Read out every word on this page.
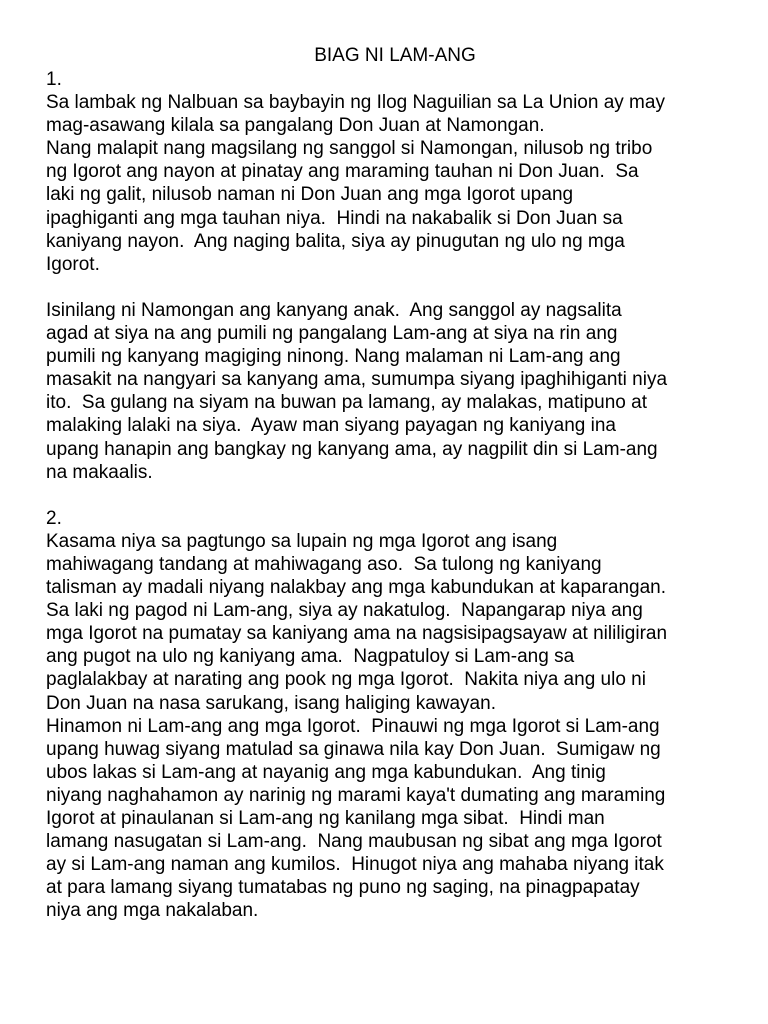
BIAG NI LAM-ANG

1.

Sa lambak ng Nalbuan sa baybayin ng Ilog Naguilian sa La Union ay may

mag-asawang kilala sa pangalang Don Juan at Namongan.

Nang malapit nang magsilang ng sanggol si Namongan, nilusob ng tribo

ng Igorot ang nayon at pinatay ang maraming tauhan ni Don Juan.  Sa

laki ng galit, nilusob naman ni Don Juan ang mga Igorot upang

ipaghiganti ang mga tauhan niya.  Hindi na nakabalik si Don Juan sa

kaniyang nayon.  Ang naging balita, siya ay pinugutan ng ulo ng mga

Igorot.

Isinilang ni Namongan ang kanyang anak.  Ang sanggol ay nagsalita

agad at siya na ang pumili ng pangalang Lam-ang at siya na rin ang

pumili ng kanyang magiging ninong. Nang malaman ni Lam-ang ang

masakit na nangyari sa kanyang ama, sumumpa siyang ipaghihiganti niya

ito.  Sa gulang na siyam na buwan pa lamang, ay malakas, matipuno at

malaking lalaki na siya.  Ayaw man siyang payagan ng kaniyang ina

upang hanapin ang bangkay ng kanyang ama, ay nagpilit din si Lam-ang

na makaalis.

2.

Kasama niya sa pagtungo sa lupain ng mga Igorot ang isang

mahiwagang tandang at mahiwagang aso.  Sa tulong ng kaniyang

talisman ay madali niyang nalakbay ang mga kabundukan at kaparangan.

Sa laki ng pagod ni Lam-ang, siya ay nakatulog.  Napangarap niya ang

mga Igorot na pumatay sa kaniyang ama na nagsisipagsayaw at nililigiran

ang pugot na ulo ng kaniyang ama.  Nagpatuloy si Lam-ang sa

paglalakbay at narating ang pook ng mga Igorot.  Nakita niya ang ulo ni

Don Juan na nasa sarukang, isang haliging kawayan.

Hinamon ni Lam-ang ang mga Igorot.  Pinauwi ng mga Igorot si Lam-ang

upang huwag siyang matulad sa ginawa nila kay Don Juan.  Sumigaw ng

ubos lakas si Lam-ang at nayanig ang mga kabundukan.  Ang tinig

niyang naghahamon ay narinig ng marami kaya't dumating ang maraming

Igorot at pinaulanan si Lam-ang ng kanilang mga sibat.  Hindi man

lamang nasugatan si Lam-ang.  Nang maubusan ng sibat ang mga Igorot

ay si Lam-ang naman ang kumilos.  Hinugot niya ang mahaba niyang itak

at para lamang siyang tumatabas ng puno ng saging, na pinagpapatay

niya ang mga nakalaban.
